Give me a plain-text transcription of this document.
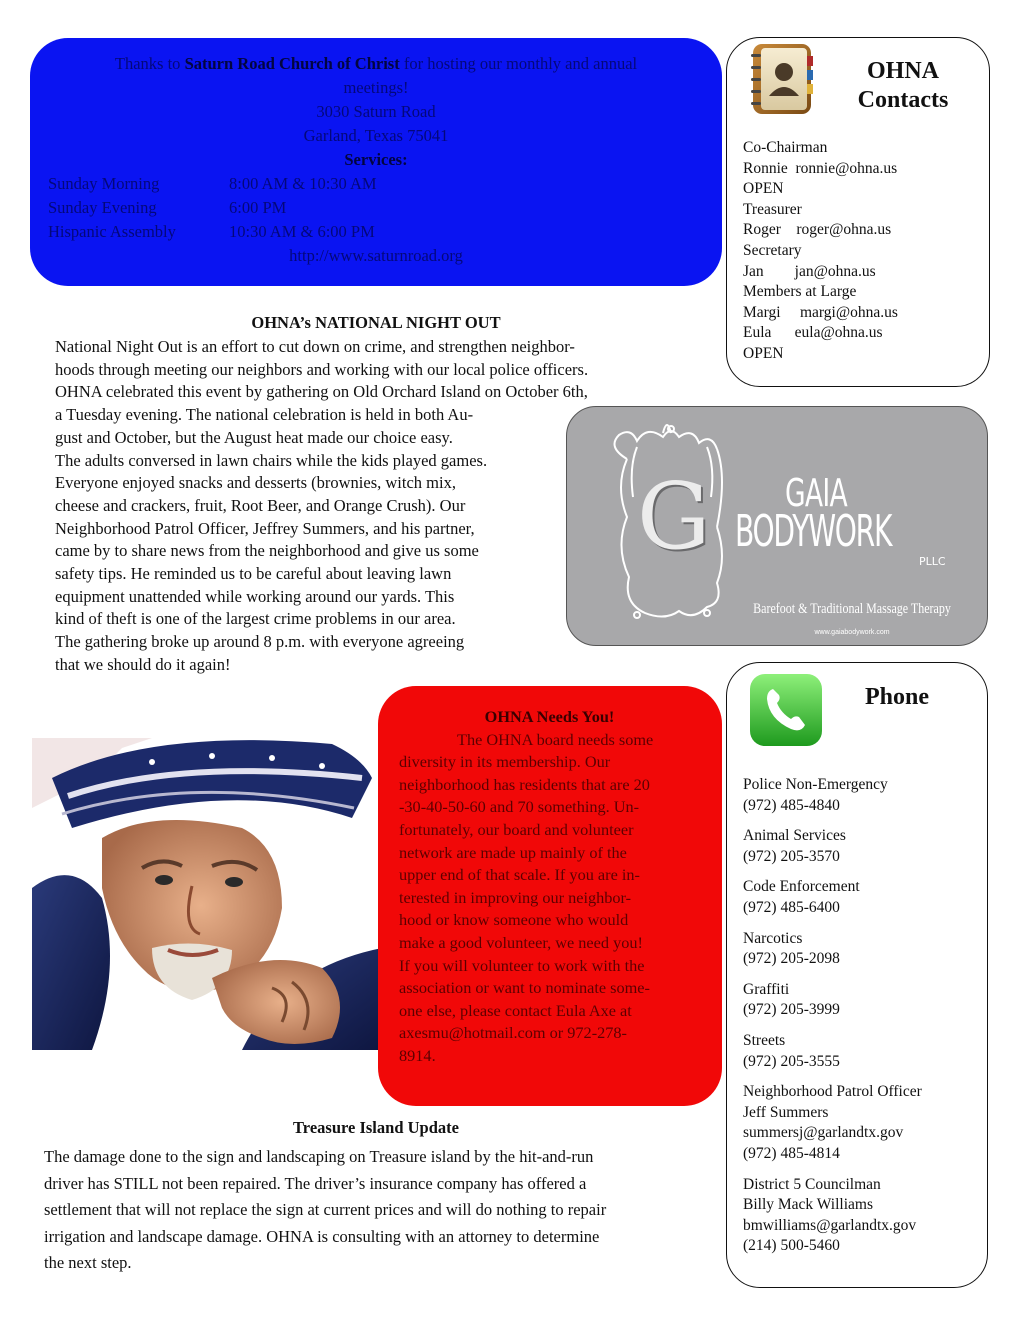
Thanks to Saturn Road Church of Christ for hosting our monthly and annual
meetings!
3030 Saturn Road
Garland, Texas 75041
Services:
Sunday Morning	8:00 AM & 10:30 AM
Sunday Evening	6:00 PM
Hispanic Assembly	10:30 AM & 6:00 PM
http://www.saturnroad.org
OHNA
Contacts
Co-Chairman
Ronnie  ronnie@ohna.us
OPEN
Treasurer
Roger    roger@ohna.us
Secretary
Jan        jan@ohna.us
Members at Large
Margi     margi@ohna.us
Eula      eula@ohna.us
OPEN
OHNA’s NATIONAL NIGHT OUT
National Night Out is an effort to cut down on crime, and strengthen neighbor-
hoods through meeting our neighbors and working with our local police officers.
OHNA celebrated this event by gathering on Old Orchard Island on October 6th,
a Tuesday evening. The national celebration is held in both Au-
gust and October, but the August heat made our choice easy.
The adults conversed in lawn chairs while the kids played games.
Everyone enjoyed snacks and desserts (brownies, witch mix,
cheese and crackers, fruit, Root Beer, and Orange Crush). Our
Neighborhood Patrol Officer, Jeffrey Summers, and his partner,
came by to share news from the neighborhood and give us some
safety tips. He reminded us to be careful about leaving lawn
equipment unattended while working around our yards. This
kind of theft is one of the largest crime problems in our area.
The gathering broke up around 8 p.m. with everyone agreeing
that we should do it again!
G GAIA
BODYWORK
PLLC
Barefoot & Traditional Massage Therapy
www.gaiabodywork.com
OHNA Needs You!
The OHNA board needs some
diversity in its membership. Our
neighborhood has residents that are 20
-30-40-50-60 and 70 something. Un-
fortunately, our board and volunteer
network are made up mainly of the
upper end of that scale. If you are in-
terested in improving our neighbor-
hood or know someone who would
make a good volunteer, we need you!
If you will volunteer to work with the
association or want to nominate some-
one else, please contact Eula Axe at
axesmu@hotmail.com or 972-278-
8914.
Phone
Police Non-Emergency
(972) 485-4840
Animal Services
(972) 205-3570
Code Enforcement
(972) 485-6400
Narcotics
(972) 205-2098
Graffiti
(972) 205-3999
Streets
(972) 205-3555
Neighborhood Patrol Officer
Jeff Summers
summersj@garlandtx.gov
(972) 485-4814
District 5 Councilman
Billy Mack Williams
bmwilliams@garlandtx.gov
(214) 500-5460
Treasure Island Update
The damage done to the sign and landscaping on Treasure island by the hit-and-run
driver has STILL not been repaired. The driver’s insurance company has offered a
settlement that will not replace the sign at current prices and will do nothing to repair
irrigation and landscape damage. OHNA is consulting with an attorney to determine
the next step.
